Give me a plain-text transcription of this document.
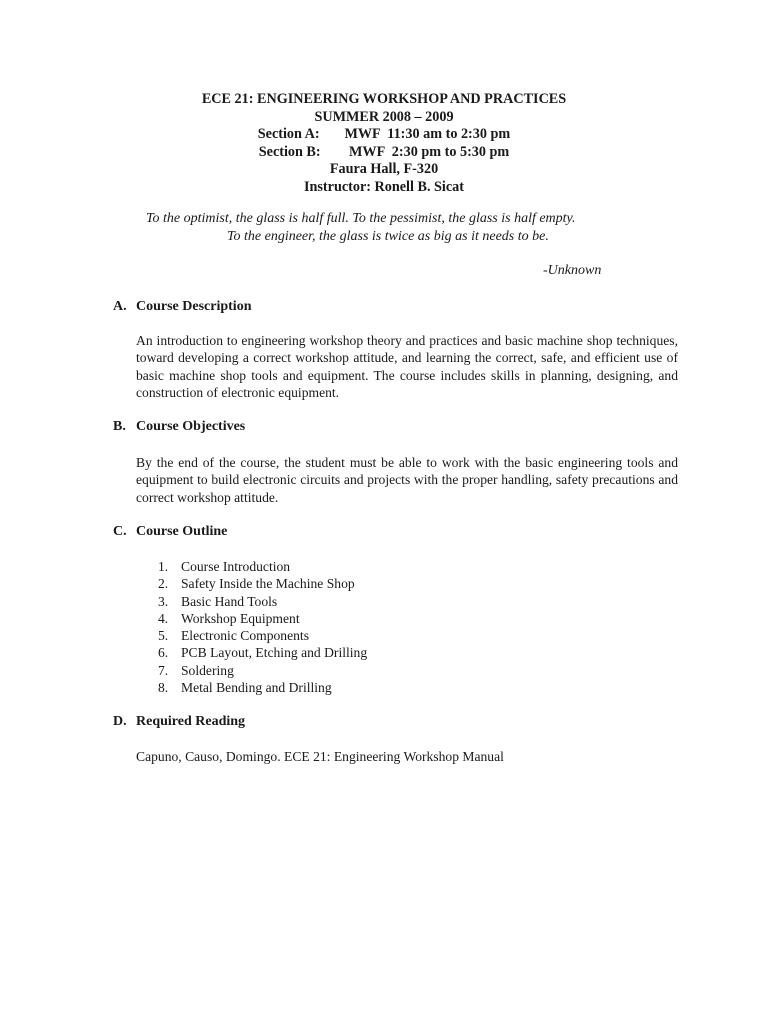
ECE 21: ENGINEERING WORKSHOP AND PRACTICES
SUMMER 2008 – 2009
Section A:       MWF  11:30 am to 2:30 pm
Section B:        MWF  2:30 pm to 5:30 pm
Faura Hall, F-320
Instructor: Ronell B. Sicat
To the optimist, the glass is half full. To the pessimist, the glass is half empty.
To the engineer, the glass is twice as big as it needs to be.
-Unknown
A. Course Description
An introduction to engineering workshop theory and practices and basic machine shop techniques, toward developing a correct workshop attitude, and learning the correct, safe, and efficient use of basic machine shop tools and equipment. The course includes skills in planning, designing, and construction of electronic equipment.
B. Course Objectives
By the end of the course, the student must be able to work with the basic engineering tools and equipment to build electronic circuits and projects with the proper handling, safety precautions and correct workshop attitude.
C. Course Outline
1. Course Introduction
2. Safety Inside the Machine Shop
3. Basic Hand Tools
4. Workshop Equipment
5. Electronic Components
6. PCB Layout, Etching and Drilling
7. Soldering
8. Metal Bending and Drilling
D. Required Reading
Capuno, Causo, Domingo. ECE 21: Engineering Workshop Manual
